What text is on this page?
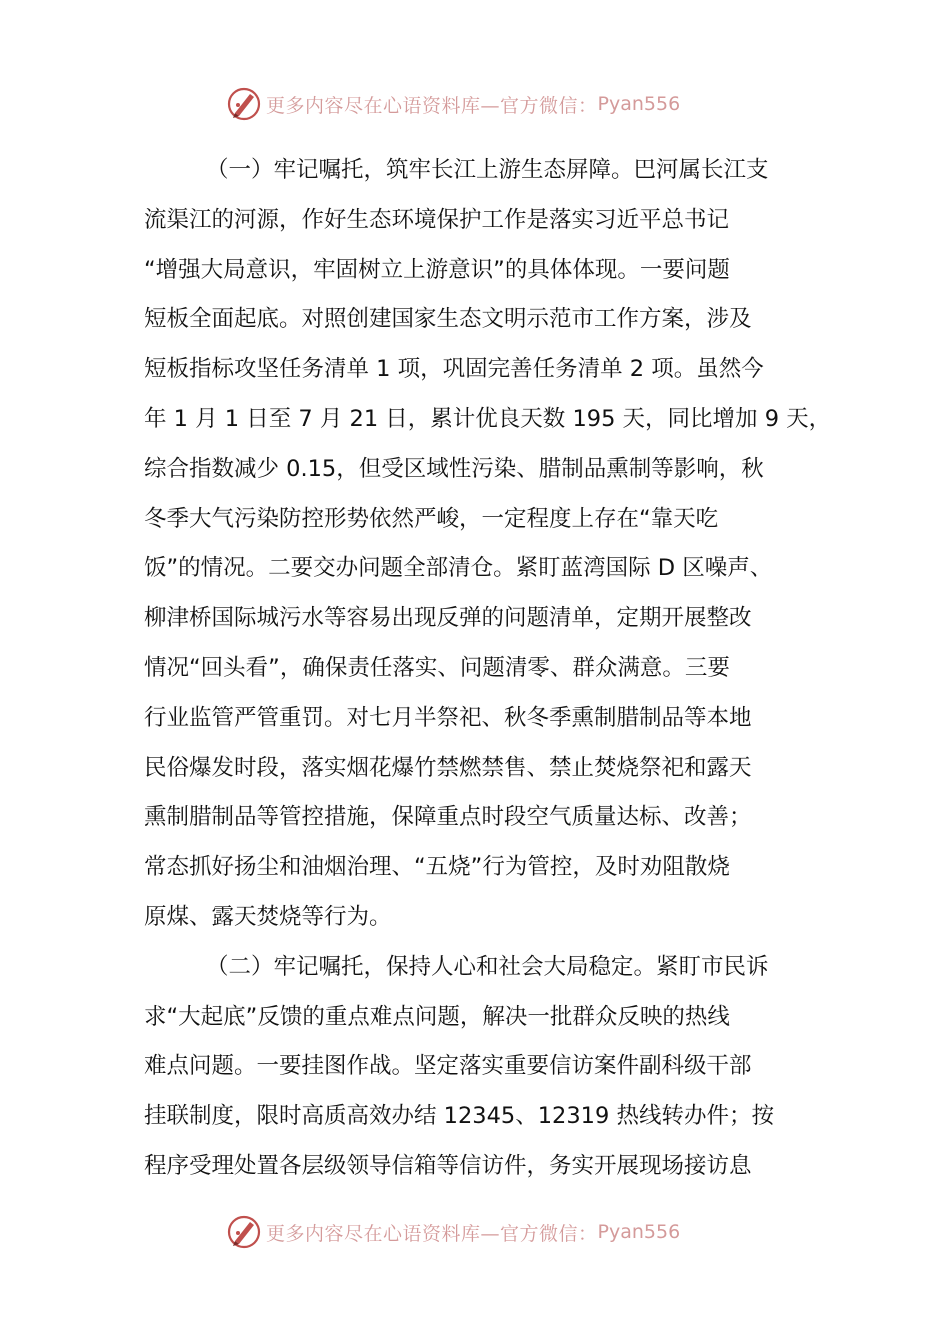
更多内容尽在心语资料库—官方微信： Pyan556
（一）牢记嘱托，筑牢长江上游生态屏障。巴河属长江支
流渠江的河源，作好生态环境保护工作是落实习近平总书记
“增强大局意识，牢固树立上游意识”的具体体现。一要问题
短板全面起底。对照创建国家生态文明示范市工作方案，涉及
短板指标攻坚任务清单 1 项，巩固完善任务清单 2 项。虽然今
年 1 月 1 日至 7 月 21 日，累计优良天数 195 天，同比增加 9 天，
综合指数减少 0.15，但受区域性污染、腊制品熏制等影响，秋
冬季大气污染防控形势依然严峻，一定程度上存在“靠天吃
饭”的情况。二要交办问题全部清仓。紧盯蓝湾国际 D 区噪声、
柳津桥国际城污水等容易出现反弹的问题清单，定期开展整改
情况“回头看”，确保责任落实、问题清零、群众满意。三要
行业监管严管重罚。对七月半祭祀、秋冬季熏制腊制品等本地
民俗爆发时段，落实烟花爆竹禁燃禁售、禁止焚烧祭祀和露天
熏制腊制品等管控措施，保障重点时段空气质量达标、改善；
常态抓好扬尘和油烟治理、“五烧”行为管控，及时劝阻散烧
原煤、露天焚烧等行为。
（二）牢记嘱托，保持人心和社会大局稳定。紧盯市民诉
求“大起底”反馈的重点难点问题，解决一批群众反映的热线
难点问题。一要挂图作战。坚定落实重要信访案件副科级干部
挂联制度，限时高质高效办结 12345、12319 热线转办件；按
程序受理处置各层级领导信箱等信访件，务实开展现场接访息
更多内容尽在心语资料库—官方微信： Pyan556
